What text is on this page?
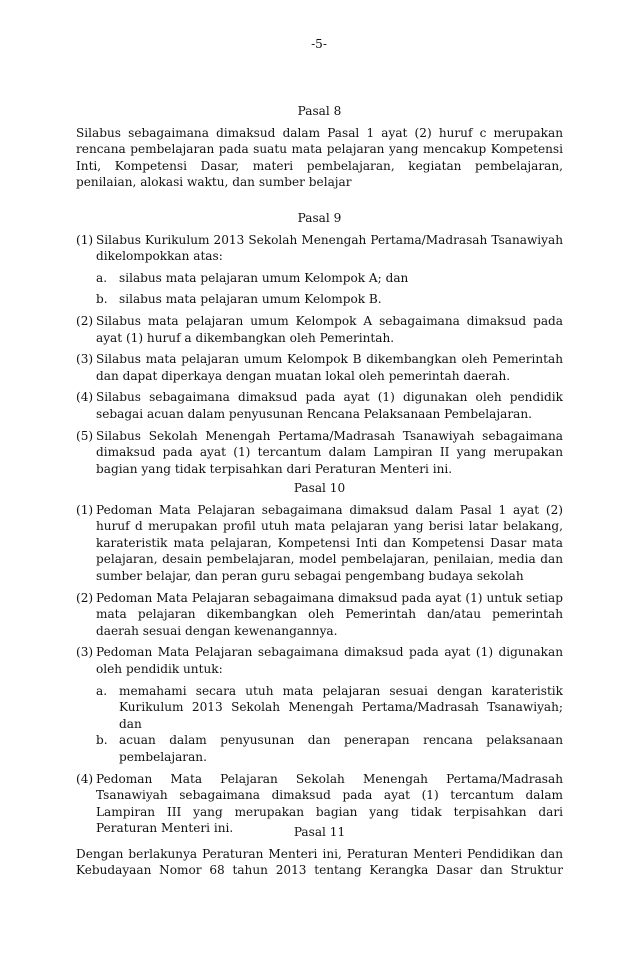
-5-

Pasal 8

Silabus sebagaimana dimaksud dalam Pasal 1 ayat (2) huruf c merupakan rencana pembelajaran pada suatu mata pelajaran yang mencakup Kompetensi Inti, Kompetensi Dasar, materi pembelajaran, kegiatan pembelajaran, penilaian, alokasi waktu, dan sumber belajar

Pasal 9

(1) Silabus Kurikulum 2013 Sekolah Menengah Pertama/Madrasah Tsanawiyah dikelompokkan atas:
a. silabus mata pelajaran umum Kelompok A; dan
b. silabus mata pelajaran umum Kelompok B.
(2) Silabus mata pelajaran umum Kelompok A sebagaimana dimaksud pada ayat (1) huruf a dikembangkan oleh Pemerintah.
(3) Silabus mata pelajaran umum Kelompok B dikembangkan oleh Pemerintah dan dapat diperkaya dengan muatan lokal oleh pemerintah daerah.
(4) Silabus sebagaimana dimaksud pada ayat (1) digunakan oleh pendidik sebagai acuan dalam penyusunan Rencana Pelaksanaan Pembelajaran.
(5) Silabus Sekolah Menengah Pertama/Madrasah Tsanawiyah sebagaimana dimaksud pada ayat (1) tercantum dalam Lampiran II yang merupakan bagian yang tidak terpisahkan dari Peraturan Menteri ini.

Pasal 10

(1) Pedoman Mata Pelajaran sebagaimana dimaksud dalam Pasal 1 ayat (2) huruf d merupakan profil utuh mata pelajaran yang berisi latar belakang, karateristik mata pelajaran, Kompetensi Inti dan Kompetensi Dasar mata pelajaran, desain pembelajaran, model pembelajaran, penilaian, media dan sumber belajar, dan peran guru sebagai pengembang budaya sekolah
(2) Pedoman Mata Pelajaran sebagaimana dimaksud pada ayat (1) untuk setiap mata pelajaran dikembangkan oleh Pemerintah dan/atau pemerintah daerah sesuai dengan kewenangannya.
(3) Pedoman Mata Pelajaran sebagaimana dimaksud pada ayat (1) digunakan oleh pendidik untuk:
a. memahami secara utuh mata pelajaran sesuai dengan karateristik Kurikulum 2013 Sekolah Menengah Pertama/Madrasah Tsanawiyah; dan
b. acuan dalam penyusunan dan penerapan rencana pelaksanaan pembelajaran.
(4) Pedoman Mata Pelajaran Sekolah Menengah Pertama/Madrasah Tsanawiyah sebagaimana dimaksud pada ayat (1) tercantum dalam Lampiran III yang merupakan bagian yang tidak terpisahkan dari Peraturan Menteri ini.	Pasal 11

Dengan berlakunya Peraturan Menteri ini, Peraturan Menteri Pendidikan dan Kebudayaan Nomor 68 tahun 2013 tentang Kerangka Dasar dan Struktur
